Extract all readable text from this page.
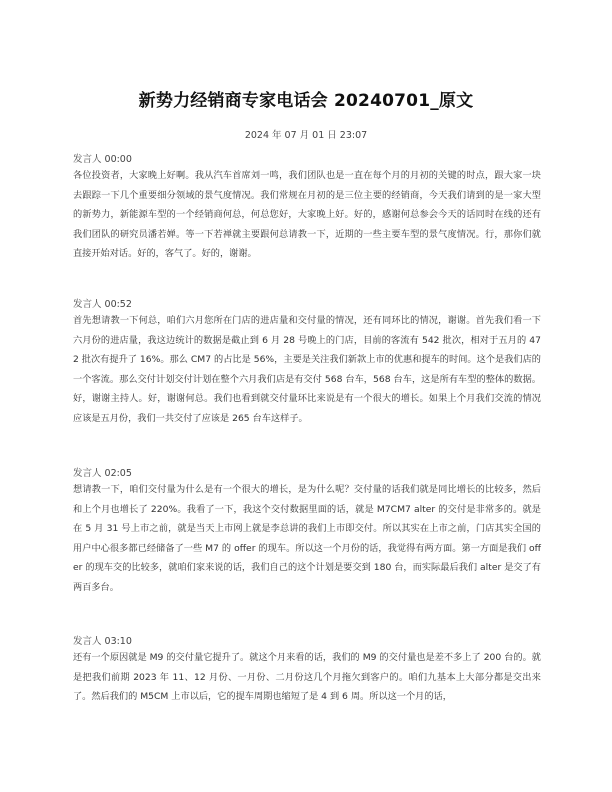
新势力经销商专家电话会 20240701_原文
2024 年 07 月 01 日 23:07
发言人 00:00
各位投资者，大家晚上好啊。我从汽车首席刘一鸣，我们团队也是一直在每个月的月初的关键的时点，跟大家一块去跟踪一下几个重要细分领域的景气度情况。我们常规在月初的是三位主要的经销商，今天我们请到的是一家大型的新势力，新能源车型的一个经销商何总，何总您好，大家晚上好。好的，感谢何总参会今天的话同时在线的还有我们团队的研究员潘若婵。等一下若禅就主要跟何总请教一下，近期的一些主要车型的景气度情况。行，那你们就直接开始对话。好的，客气了。好的，谢谢。
发言人 00:52
首先想请教一下何总，咱们六月您所在门店的进店量和交付量的情况，还有同环比的情况，谢谢。首先我们看一下六月份的进店量，我这边统计的数据是截止到 6 月 28 号晚上的门店，目前的客流有 542 批次，相对于五月的 472 批次有提升了 16%。那么 CM7 的占比是 56%，主要是关注我们新款上市的优惠和提车的时间。这个是我们店的一个客流。那么交付计划交付计划在整个六月我们店是有交付 568 台车，568 台车，这是所有车型的整体的数据。好，谢谢主持人。好，谢谢何总。我们也看到就交付量环比来说是有一个很大的增长。如果上个月我们交流的情况应该是五月份，我们一共交付了应该是 265 台车这样子。
发言人 02:05
想请教一下，咱们交付量为什么是有一个很大的增长，是为什么呢？交付量的话我们就是同比增长的比较多，然后和上个月也增长了 220%。我看了一下，我这个交付数据里面的话，就是 M7CM7 alter 的交付是非常多的。就是在 5 月 31 号上市之前，就是当天上市网上就是李总讲的我们上市即交付。所以其实在上市之前，门店其实全国的用户中心很多都已经储备了一些 M7 的 offer 的现车。所以这一个月份的话，我觉得有两方面。第一方面是我们 offer 的现车交的比较多，就咱们家来说的话，我们自己的这个计划是要交到 180 台，而实际最后我们 alter 是交了有两百多台。
发言人 03:10
还有一个原因就是 M9 的交付量它提升了。就这个月来看的话，我们的 M9 的交付量也是差不多上了 200 台的。就是把我们前期 2023 年 11、12 月份、一月份、二月份这几个月拖欠到客户的。咱们九基本上大部分都是交出来了。然后我们的 M5CM 上市以后，它的提车周期也缩短了是 4 到 6 周。所以这一个月的话，
